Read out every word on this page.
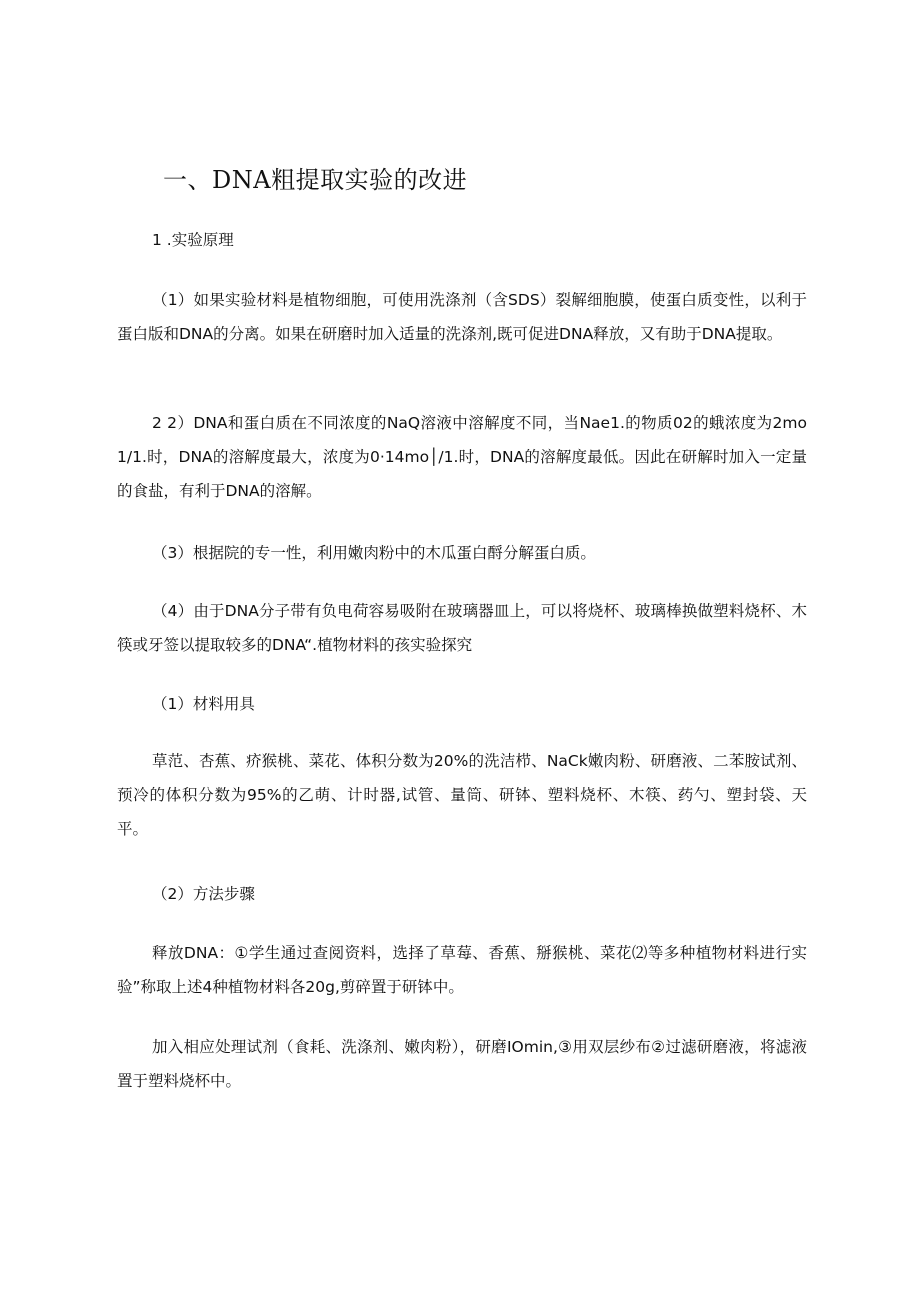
一、DNA粗提取实验的改进
1 .实验原理

（1）如果实验材料是植物细胞，可使用洗涤剂（含SDS）裂解细胞膜，使蛋白质变性，以利于蛋白版和DNA的分离。如果在研磨时加入适量的洗涤剂,既可促进DNA释放，又有助于DNA提取。

2 2）DNA和蛋白质在不同浓度的NaQ溶液中溶解度不同，当Nae1.的物质02的蛾浓度为2mo1/1.时，DNA的溶解度最大，浓度为0·14mo│/1.时，DNA的溶解度最低。因此在研解时加入一定量的食盐，有利于DNA的溶解。

（3）根据院的专一性，利用嫩肉粉中的木瓜蛋白酹分解蛋白质。

（4）由于DNA分子带有负电荷容易吸附在玻璃器皿上，可以将烧杯、玻璃棒换做塑料烧杯、木筷或牙签以提取较多的DNA“.植物材料的孩实验探究

（1）材料用具

草范、杏蕉、疥猴桃、菜花、体积分数为20%的洗洁栉、NaCk嫩肉粉、研磨液、二苯胺试剂、预冷的体积分数为95%的乙萌、计时器,试管、量筒、研钵、塑料烧杯、木筷、药勺、塑封袋、天平。

（2）方法步骤

释放DNA：①学生通过查阅资料，选择了草莓、香蕉、掰猴桃、菜花⑵等多种植物材料进行实验”称取上述4种植物材料各20g,剪碎置于研钵中。

加入相应处理试剂（食耗、洗涤剂、嫩肉粉），研磨IOmin,③用双层纱布②过滤研磨液，将滤液置于塑料烧杯中。
